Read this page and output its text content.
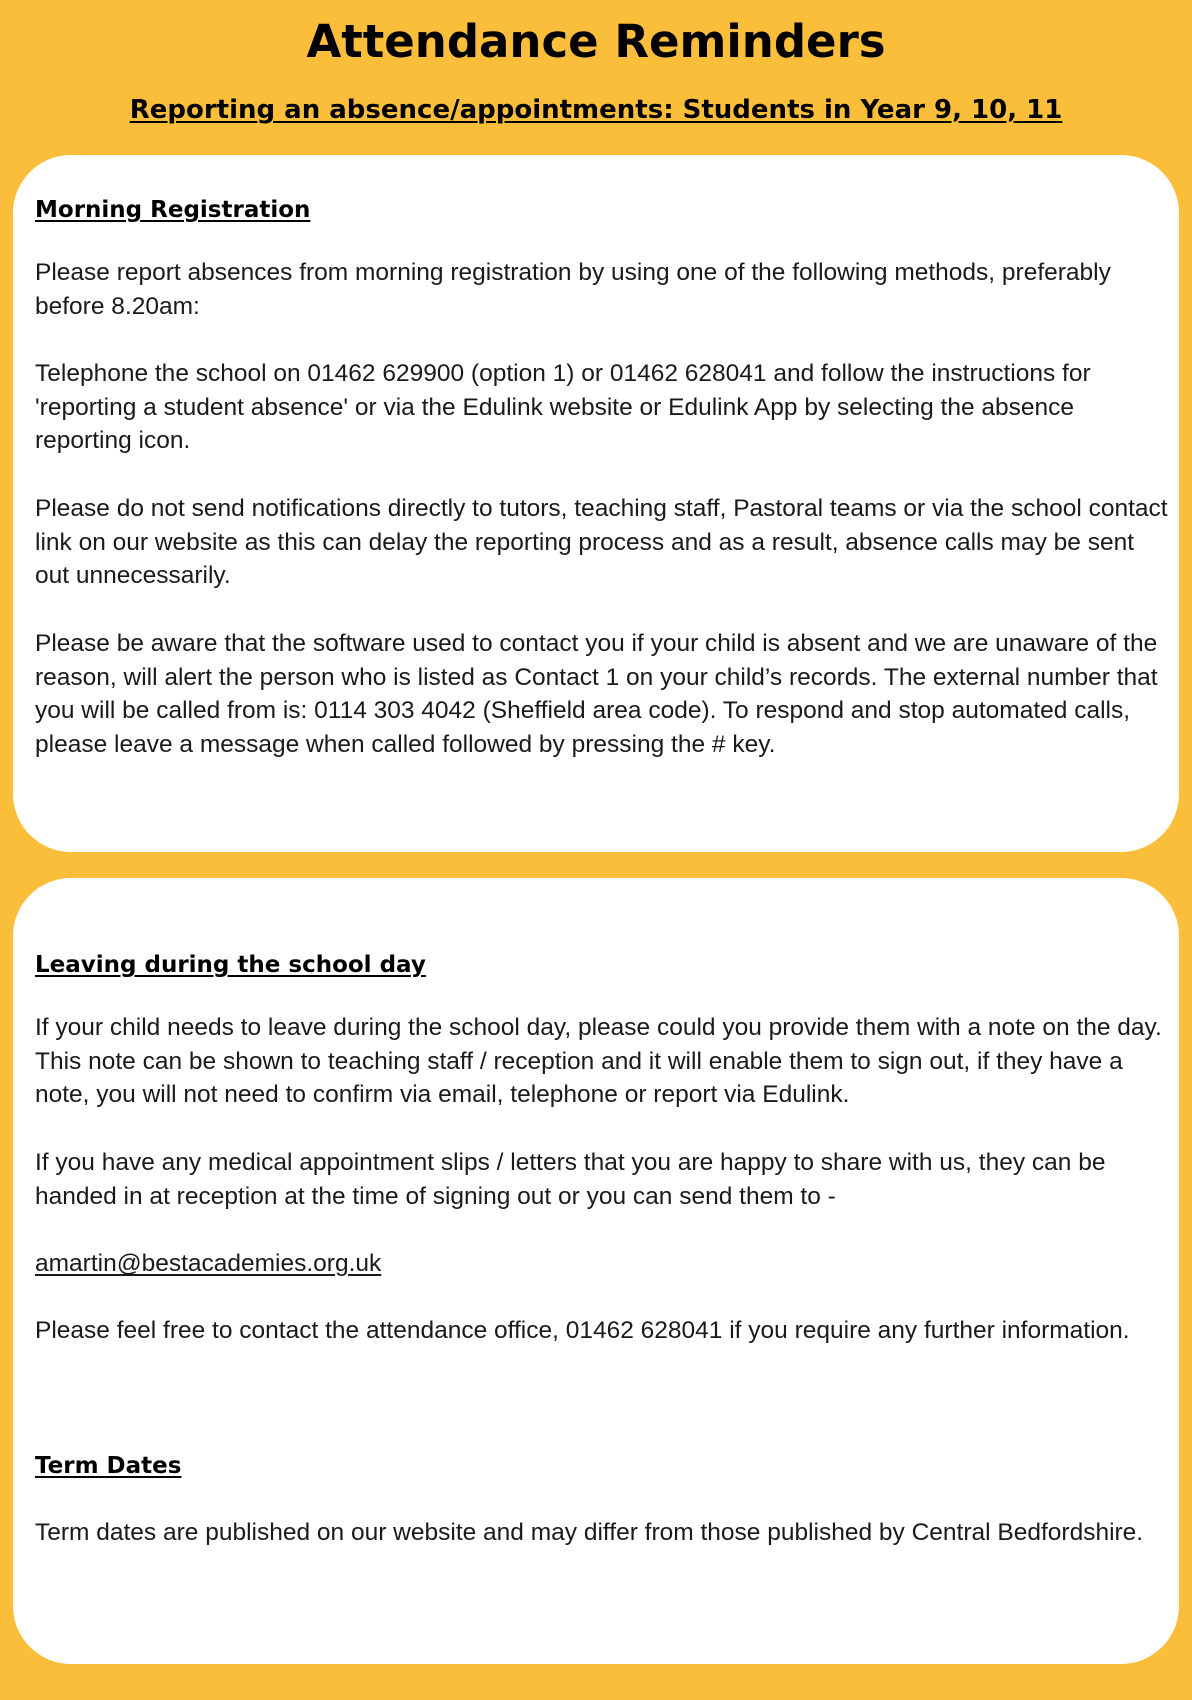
Attendance Reminders
Reporting an absence/appointments: Students in Year 9, 10, 11

Morning Registration

Please report absences from morning registration by using one of the following methods, preferably before 8.20am:

Telephone the school on 01462 629900 (option 1) or 01462 628041 and follow the instructions for 'reporting a student absence' or via the Edulink website or Edulink App by selecting the absence reporting icon.

Please do not send notifications directly to tutors, teaching staff, Pastoral teams or via the school contact link on our website as this can delay the reporting process and as a result, absence calls may be sent out unnecessarily.

Please be aware that the software used to contact you if your child is absent and we are unaware of the reason, will alert the person who is listed as Contact 1 on your child’s records. The external number that you will be called from is: 0114 303 4042 (Sheffield area code). To respond and stop automated calls, please leave a message when called followed by pressing the # key.

Leaving during the school day

If your child needs to leave during the school day, please could you provide them with a note on the day. This note can be shown to teaching staff / reception and it will enable them to sign out, if they have a note, you will not need to confirm via email, telephone or report via Edulink.

If you have any medical appointment slips / letters that you are happy to share with us, they can be handed in at reception at the time of signing out or you can send them to -

amartin@bestacademies.org.uk

Please feel free to contact the attendance office, 01462 628041 if you require any further information.

Term Dates

Term dates are published on our website and may differ from those published by Central Bedfordshire.
